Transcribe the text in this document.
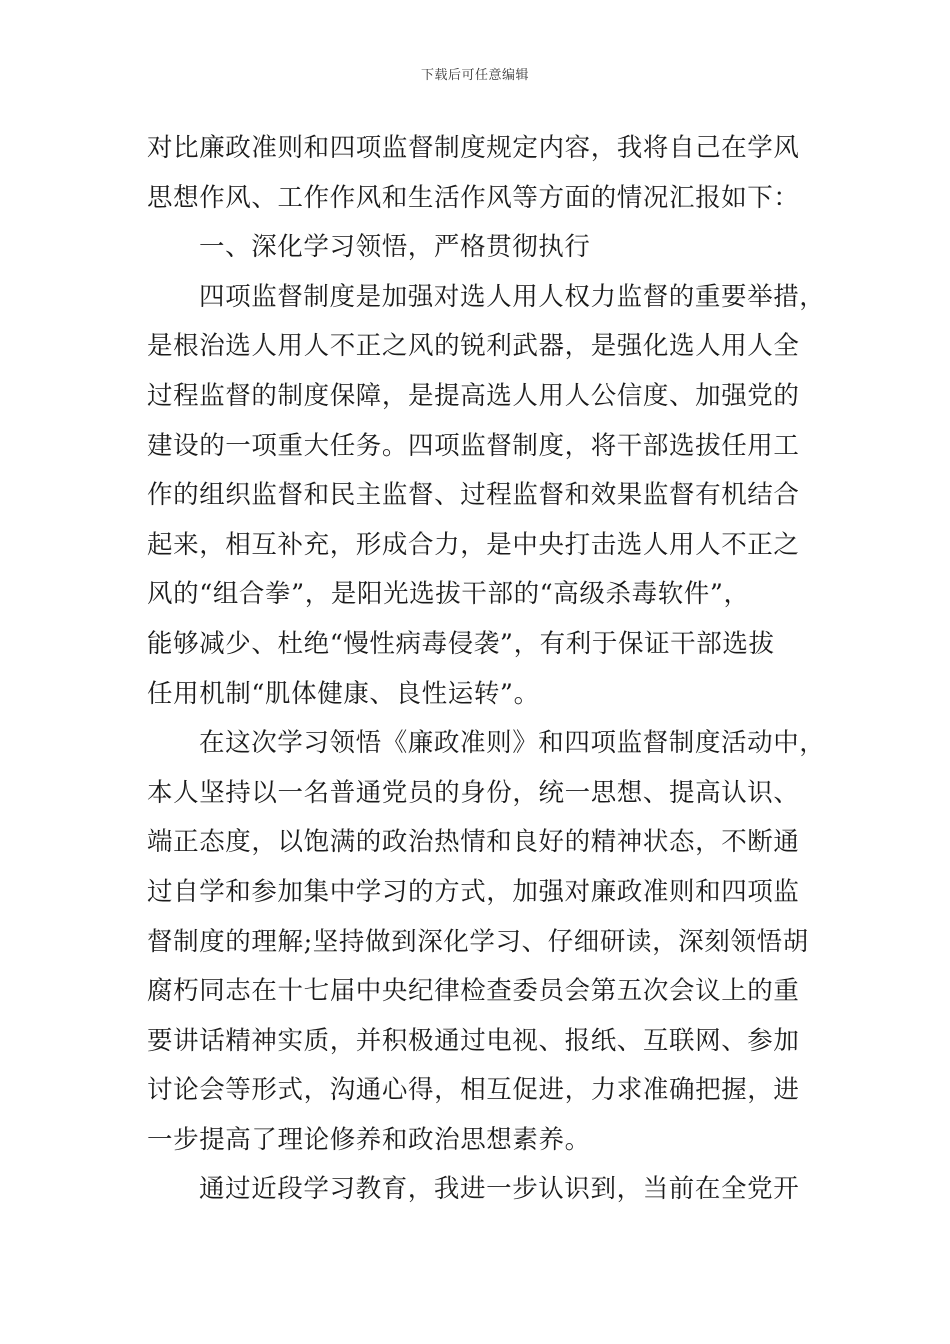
下载后可任意编辑
对比廉政准则和四项监督制度规定内容，我将自己在学风
思想作风、工作作风和生活作风等方面的情况汇报如下：
一、深化学习领悟，严格贯彻执行
四项监督制度是加强对选人用人权力监督的重要举措，
是根治选人用人不正之风的锐利武器，是强化选人用人全
过程监督的制度保障，是提高选人用人公信度、加强党的
建设的一项重大任务。四项监督制度，将干部选拔任用工
作的组织监督和民主监督、过程监督和效果监督有机结合
起来，相互补充，形成合力，是中央打击选人用人不正之
风的“组合拳”，是阳光选拔干部的“高级杀毒软件”，
能够减少、杜绝“慢性病毒侵袭”，有利于保证干部选拔
任用机制“肌体健康、良性运转”。
在这次学习领悟《廉政准则》和四项监督制度活动中，
本人坚持以一名普通党员的身份，统一思想、提高认识、
端正态度，以饱满的政治热情和良好的精神状态，不断通
过自学和参加集中学习的方式，加强对廉政准则和四项监
督制度的理解;坚持做到深化学习、仔细研读，深刻领悟胡
腐朽同志在十七届中央纪律检查委员会第五次会议上的重
要讲话精神实质，并积极通过电视、报纸、互联网、参加
讨论会等形式，沟通心得，相互促进，力求准确把握，进
一步提高了理论修养和政治思想素养。
通过近段学习教育，我进一步认识到，当前在全党开
